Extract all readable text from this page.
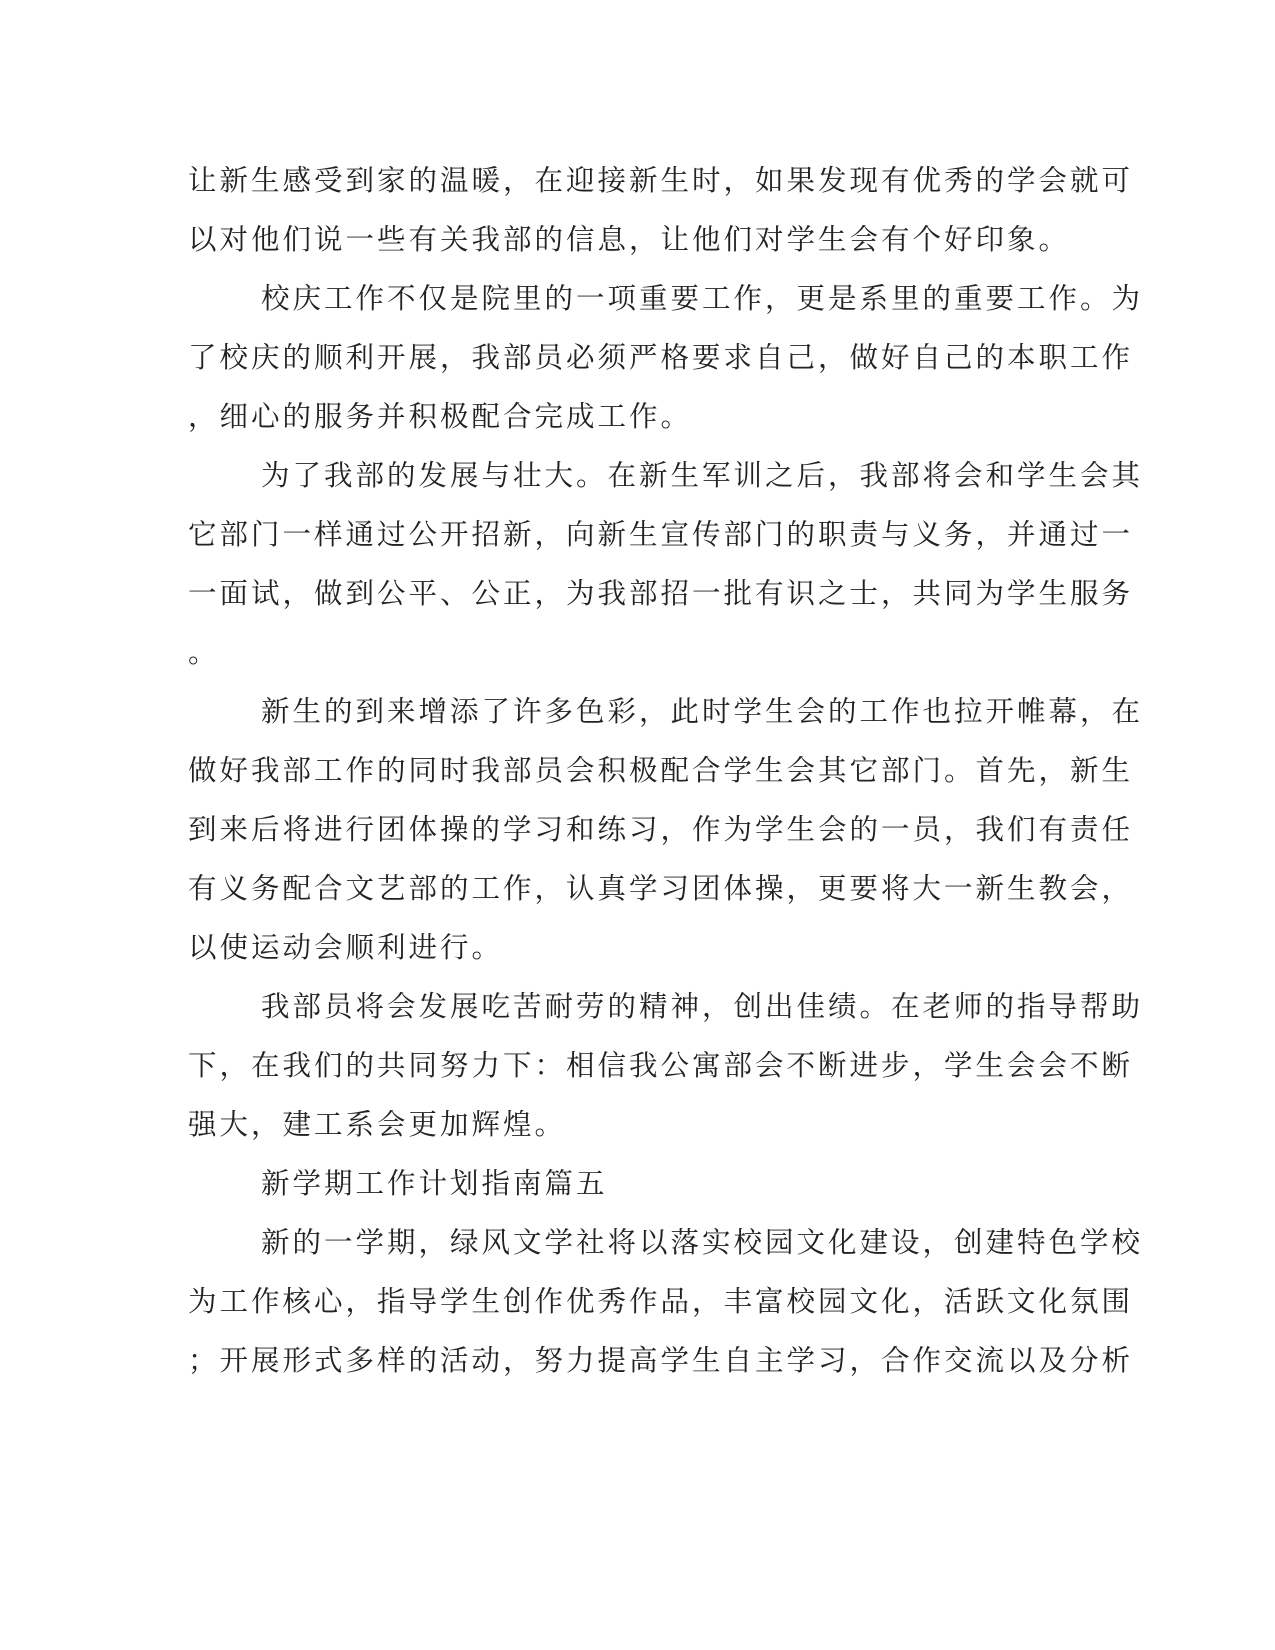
让新生感受到家的温暖，在迎接新生时，如果发现有优秀的学会就可
以对他们说一些有关我部的信息，让他们对学生会有个好印象。
校庆工作不仅是院里的一项重要工作，更是系里的重要工作。为
了校庆的顺利开展，我部员必须严格要求自己，做好自己的本职工作
，细心的服务并积极配合完成工作。
为了我部的发展与壮大。在新生军训之后，我部将会和学生会其
它部门一样通过公开招新，向新生宣传部门的职责与义务，并通过一
一面试，做到公平、公正，为我部招一批有识之士，共同为学生服务
。
新生的到来增添了许多色彩，此时学生会的工作也拉开帷幕，在
做好我部工作的同时我部员会积极配合学生会其它部门。首先，新生
到来后将进行团体操的学习和练习，作为学生会的一员，我们有责任
有义务配合文艺部的工作，认真学习团体操，更要将大一新生教会，
以使运动会顺利进行。
我部员将会发展吃苦耐劳的精神，创出佳绩。在老师的指导帮助
下，在我们的共同努力下：相信我公寓部会不断进步，学生会会不断
强大，建工系会更加辉煌。
新学期工作计划指南篇五
新的一学期，绿风文学社将以落实校园文化建设，创建特色学校
为工作核心，指导学生创作优秀作品，丰富校园文化，活跃文化氛围
；开展形式多样的活动，努力提高学生自主学习，合作交流以及分析
